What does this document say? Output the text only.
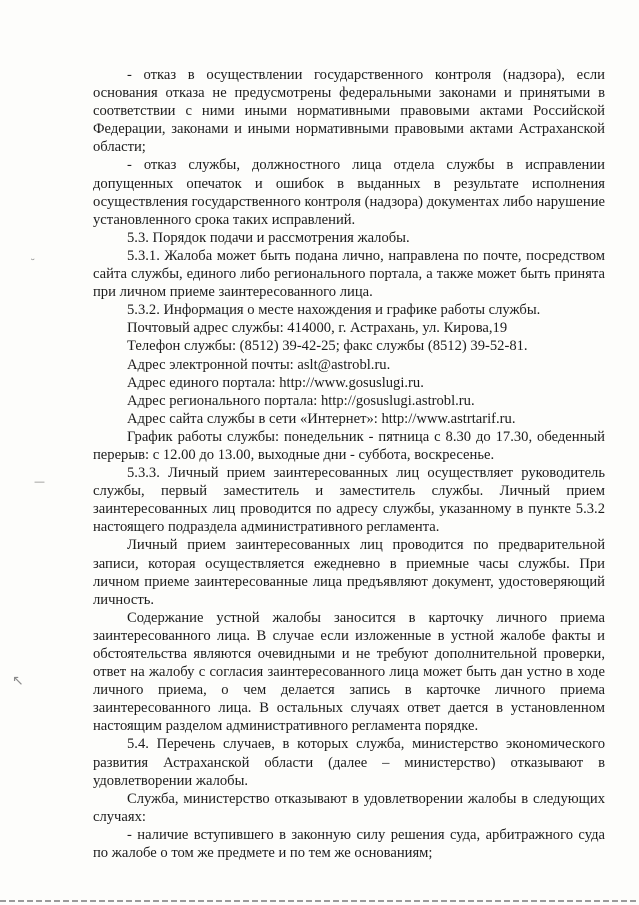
- отказ в осуществлении государственного контроля (надзора), если основания отказа не предусмотрены федеральными законами и принятыми в соответствии с ними иными нормативными правовыми актами Российской Федерации, законами и иными нормативными правовыми актами Астраханской области;

- отказ службы, должностного лица отдела службы в исправлении допущенных опечаток и ошибок в выданных в результате исполнения осуществления государственного контроля (надзора) документах либо нарушение установленного срока таких исправлений.

5.3. Порядок подачи и рассмотрения жалобы.

5.3.1. Жалоба может быть подана лично, направлена по почте, посредством сайта службы, единого либо регионального портала, а также может быть принята при личном приеме заинтересованного лица.

5.3.2. Информация о месте нахождения и графике работы службы.

Почтовый адрес службы: 414000, г. Астрахань, ул. Кирова,19

Телефон службы: (8512) 39-42-25; факс службы (8512) 39-52-81.

Адрес электронной почты: aslt@astrobl.ru.

Адрес единого портала: http://www.gosuslugi.ru.

Адрес регионального портала: http://gosuslugi.astrobl.ru.

Адрес сайта службы в сети «Интернет»: http://www.astrtarif.ru.

График работы службы: понедельник - пятница с 8.30 до 17.30, обеденный перерыв: с 12.00 до 13.00, выходные дни - суббота, воскресенье.

5.3.3. Личный прием заинтересованных лиц осуществляет руководитель службы, первый заместитель и заместитель службы. Личный прием заинтересованных лиц проводится по адресу службы, указанному в пункте 5.3.2 настоящего подраздела административного регламента.

Личный прием заинтересованных лиц проводится по предварительной записи, которая осуществляется ежедневно в приемные часы службы. При личном приеме заинтересованные лица предъявляют документ, удостоверяющий личность.

Содержание устной жалобы заносится в карточку личного приема заинтересованного лица. В случае если изложенные в устной жалобе факты и обстоятельства являются очевидными и не требуют дополнительной проверки, ответ на жалобу с согласия заинтересованного лица может быть дан устно в ходе личного приема, о чем делается запись в карточке личного приема заинтересованного лица. В остальных случаях ответ дается в установленном настоящим разделом административного регламента порядке.

5.4. Перечень случаев, в которых служба, министерство экономического развития Астраханской области (далее – министерство) отказывают в удовлетворении жалобы.

Служба, министерство отказывают в удовлетворении жалобы в следующих случаях:

- наличие вступившего в законную силу решения суда, арбитражного суда по жалобе о том же предмете и по тем же основаниям;

˘
—
↖
